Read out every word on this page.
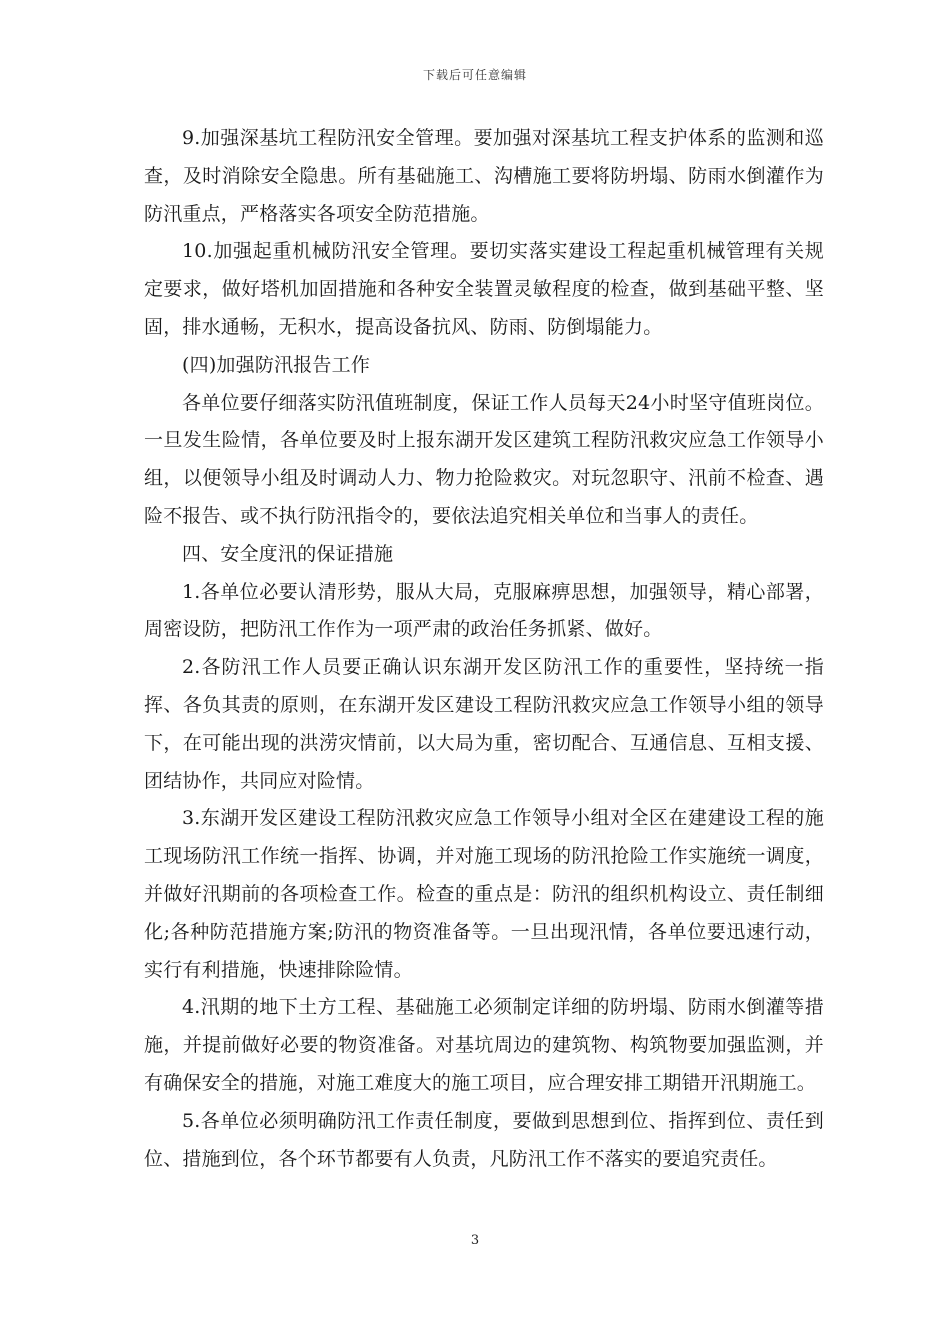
下载后可任意编辑

9.加强深基坑工程防汛安全管理。要加强对深基坑工程支护体系的监测和巡查，及时消除安全隐患。所有基础施工、沟槽施工要将防坍塌、防雨水倒灌作为防汛重点，严格落实各项安全防范措施。

10.加强起重机械防汛安全管理。要切实落实建设工程起重机械管理有关规定要求，做好塔机加固措施和各种安全装置灵敏程度的检查，做到基础平整、坚固，排水通畅，无积水，提高设备抗风、防雨、防倒塌能力。

(四)加强防汛报告工作

各单位要仔细落实防汛值班制度，保证工作人员每天24小时坚守值班岗位。一旦发生险情，各单位要及时上报东湖开发区建筑工程防汛救灾应急工作领导小组，以便领导小组及时调动人力、物力抢险救灾。对玩忽职守、汛前不检查、遇险不报告、或不执行防汛指令的，要依法追究相关单位和当事人的责任。

四、安全度汛的保证措施

1.各单位必要认清形势，服从大局，克服麻痹思想，加强领导，精心部署，周密设防，把防汛工作作为一项严肃的政治任务抓紧、做好。

2.各防汛工作人员要正确认识东湖开发区防汛工作的重要性，坚持统一指挥、各负其责的原则，在东湖开发区建设工程防汛救灾应急工作领导小组的领导下，在可能出现的洪涝灾情前，以大局为重，密切配合、互通信息、互相支援、团结协作，共同应对险情。

3.东湖开发区建设工程防汛救灾应急工作领导小组对全区在建建设工程的施工现场防汛工作统一指挥、协调，并对施工现场的防汛抢险工作实施统一调度，并做好汛期前的各项检查工作。检查的重点是：防汛的组织机构设立、责任制细化;各种防范措施方案;防汛的物资准备等。一旦出现汛情，各单位要迅速行动，实行有利措施，快速排除险情。

4.汛期的地下土方工程、基础施工必须制定详细的防坍塌、防雨水倒灌等措施，并提前做好必要的物资准备。对基坑周边的建筑物、构筑物要加强监测，并有确保安全的措施，对施工难度大的施工项目，应合理安排工期错开汛期施工。

5.各单位必须明确防汛工作责任制度，要做到思想到位、指挥到位、责任到位、措施到位，各个环节都要有人负责，凡防汛工作不落实的要追究责任。

3
